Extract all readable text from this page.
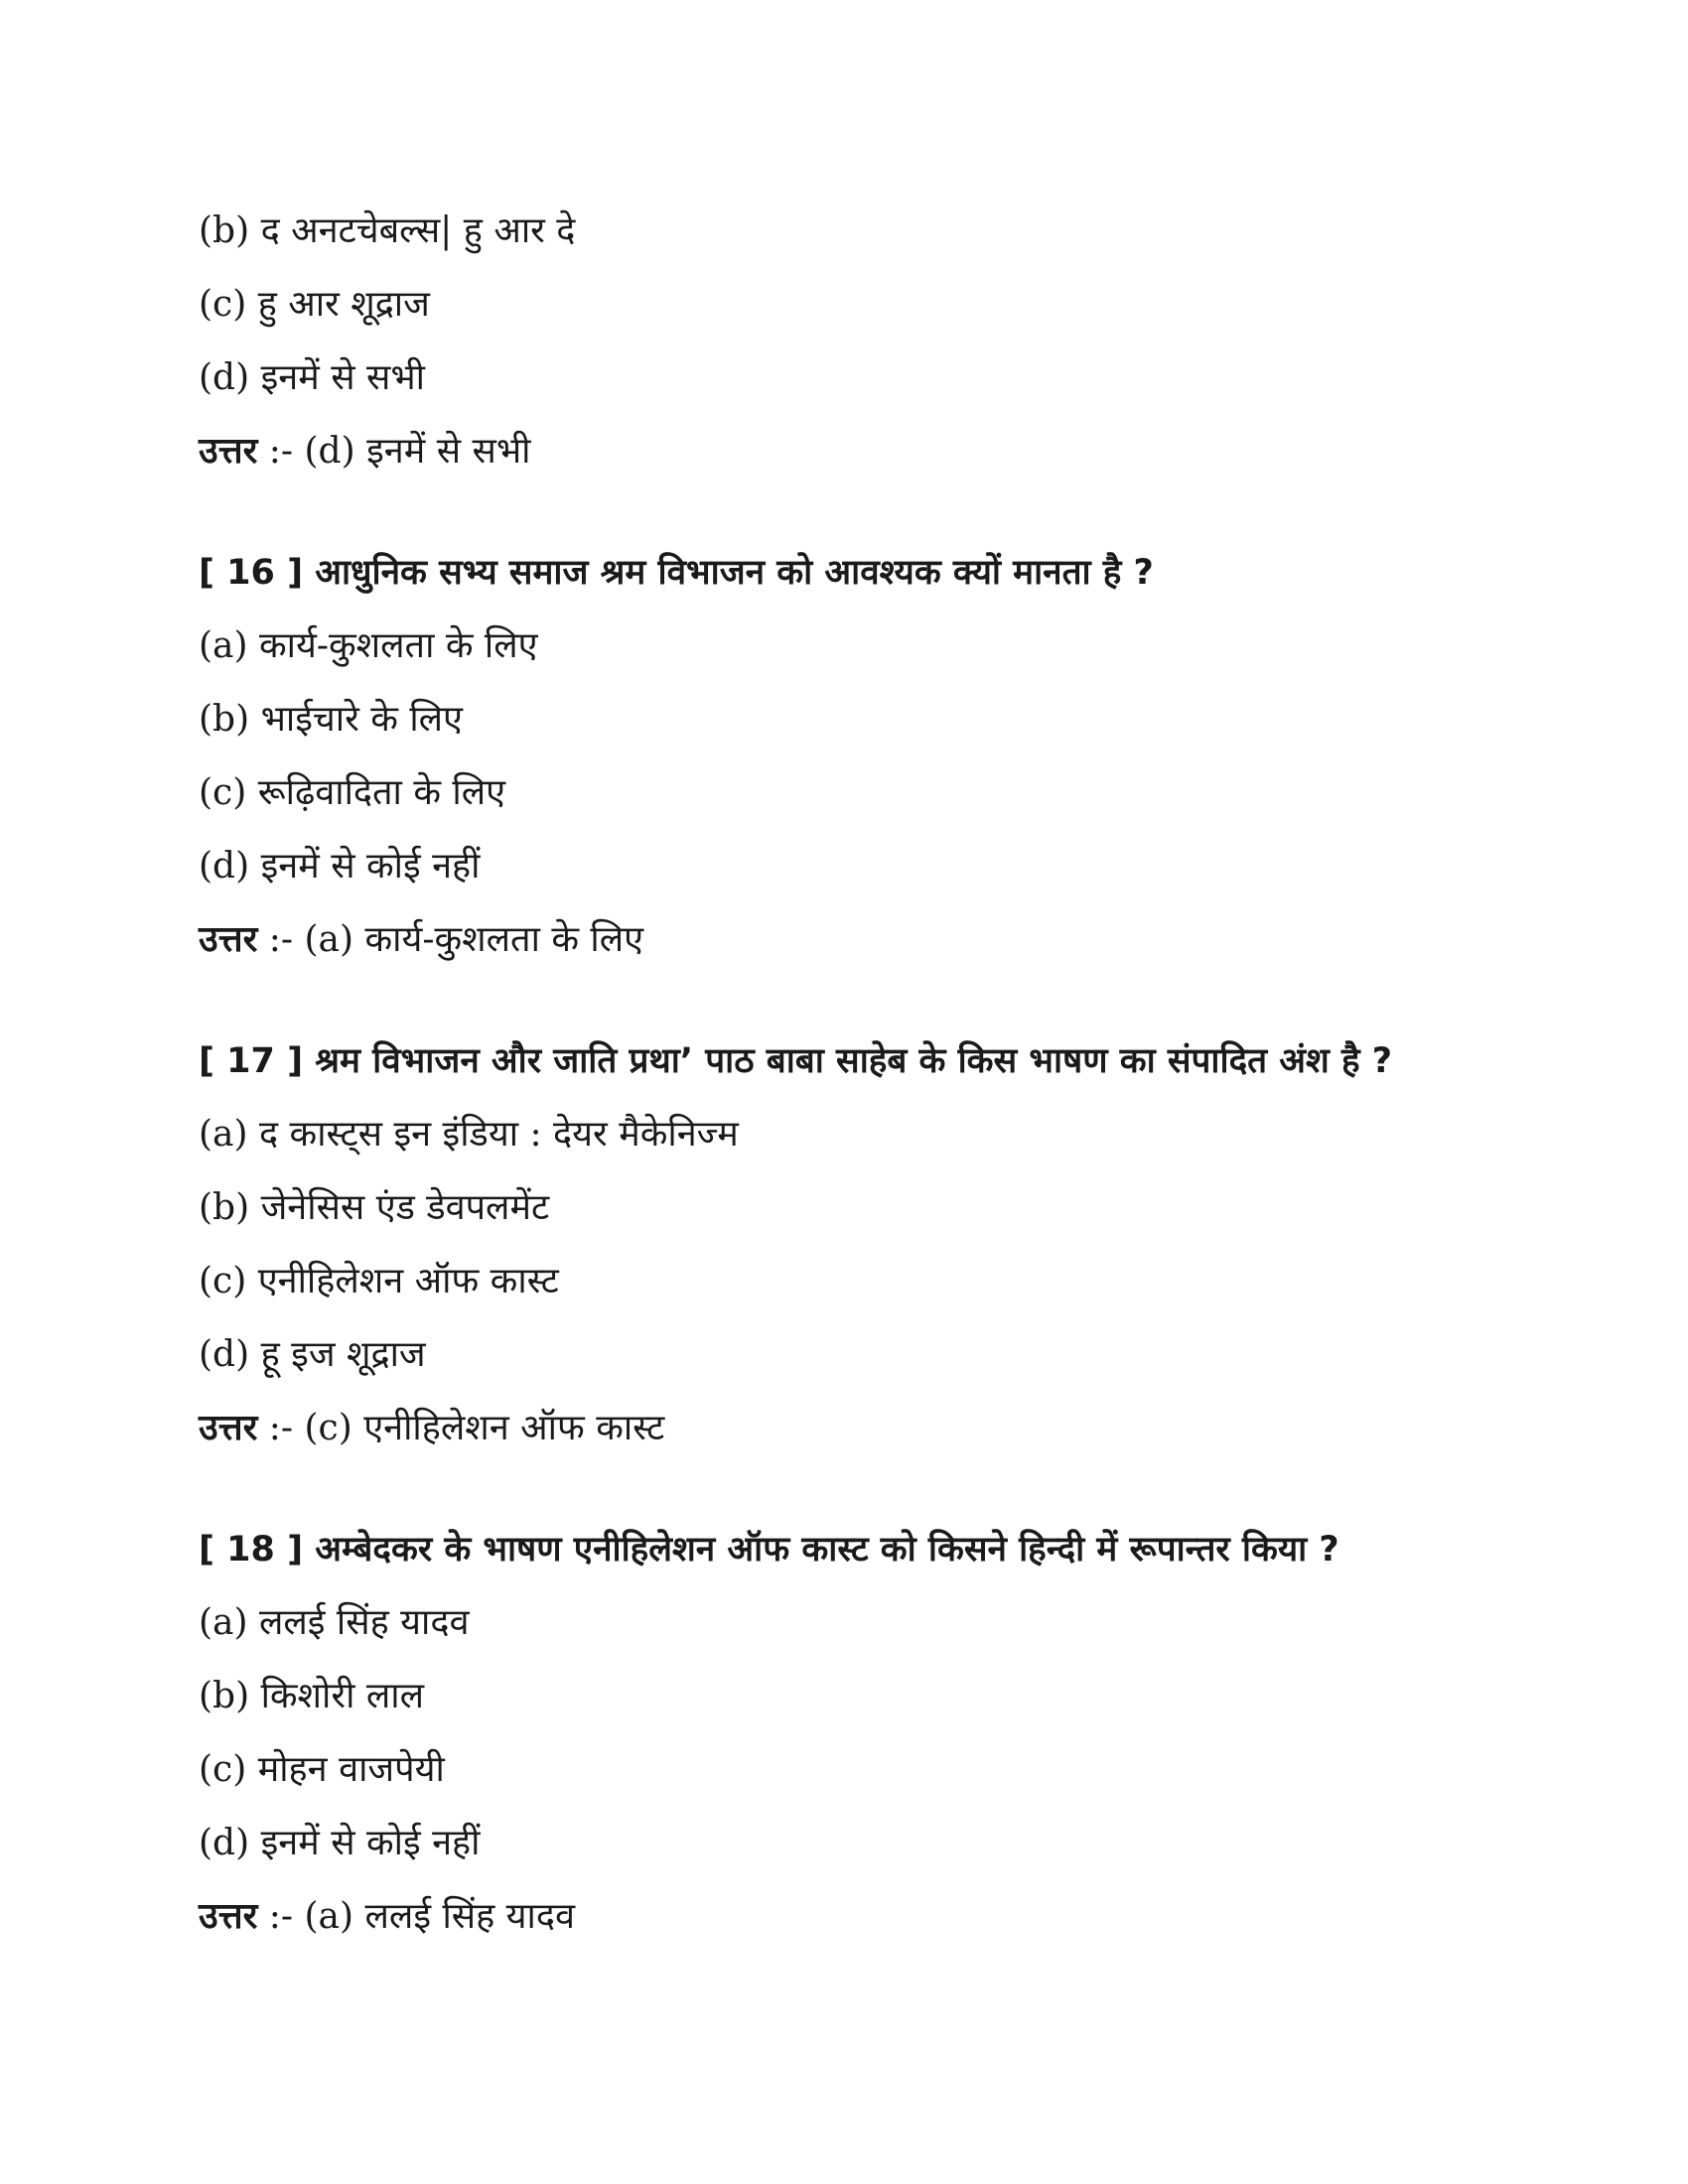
(b) द अनटचेबल्स| हु आर दे
(c) हु आर शूद्राज
(d) इनमें से सभी
उत्तर :- (d) इनमें से सभी
[ 16 ] आधुनिक सभ्य समाज श्रम विभाजन को आवश्यक क्यों मानता है ?
(a) कार्य-कुशलता के लिए
(b) भाईचारे के लिए
(c) रूढ़िवादिता के लिए
(d) इनमें से कोई नहीं
उत्तर :- (a) कार्य-कुशलता के लिए
[ 17 ] श्रम विभाजन और जाति प्रथा’ पाठ बाबा साहेब के किस भाषण का संपादित अंश है ?
(a) द कास्ट्स इन इंडिया : देयर मैकेनिज्म
(b) जेनेसिस एंड डेवपलमेंट
(c) एनीहिलेशन ऑफ कास्ट
(d) हू इज शूद्राज
उत्तर :- (c) एनीहिलेशन ऑफ कास्ट
[ 18 ] अम्बेदकर के भाषण एनीहिलेशन ऑफ कास्ट को किसने हिन्दी में रूपान्तर किया ?
(a) ललई सिंह यादव
(b) किशोरी लाल
(c) मोहन वाजपेयी
(d) इनमें से कोई नहीं
उत्तर :- (a) ललई सिंह यादव
